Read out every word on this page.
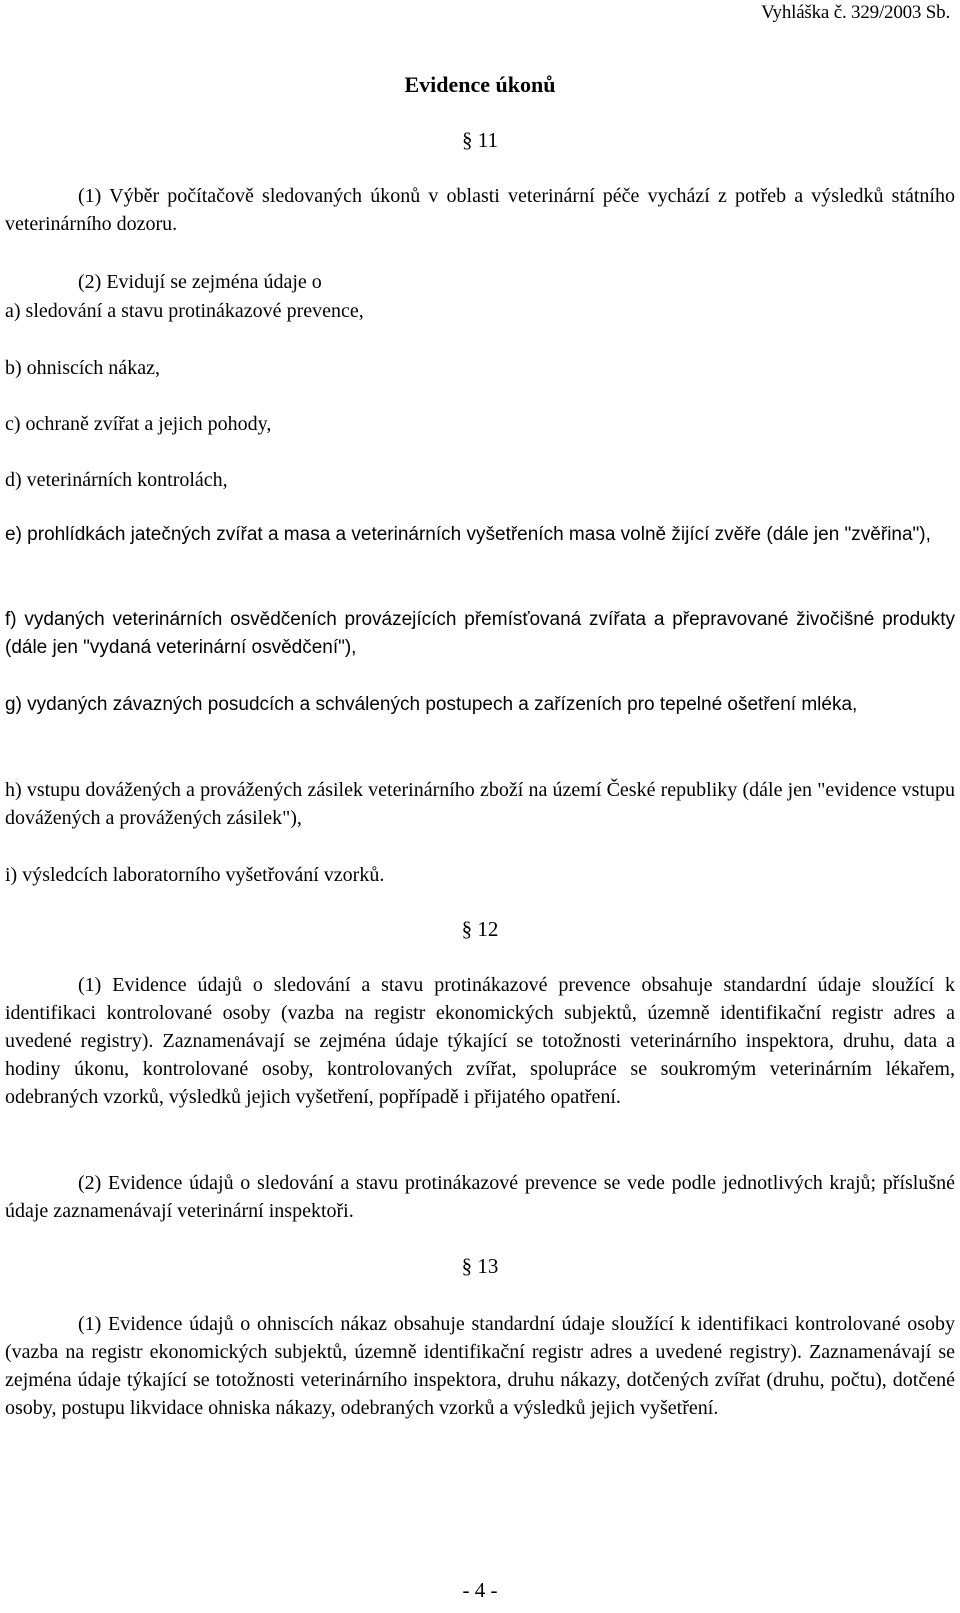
Vyhláška č. 329/2003 Sb.
Evidence úkonů
§ 11
(1) Výběr počítačově sledovaných úkonů v oblasti veterinární péče vychází z potřeb a výsledků státního veterinárního dozoru.
(2) Evidují se zejména údaje o
a) sledování a stavu protinákazové prevence,
b) ohniscích nákaz,
c) ochraně zvířat a jejich pohody,
d) veterinárních kontrolách,
e) prohlídkách jatečných zvířat a masa a veterinárních vyšetřeních masa volně žijící zvěře (dále jen "zvěřina"),
f) vydaných veterinárních osvědčeních provázejících přemísťovaná zvířata a přepravované živočišné produkty (dále jen "vydaná veterinární osvědčení"),
g) vydaných závazných posudcích a schválených postupech a zařízeních pro tepelné ošetření mléka,
h) vstupu dovážených a provážených zásilek veterinárního zboží na území České republiky (dále jen "evidence vstupu dovážených a provážených zásilek"),
i) výsledcích laboratorního vyšetřování vzorků.
§ 12
(1) Evidence údajů o sledování a stavu protinákazové prevence obsahuje standardní údaje sloužící k identifikaci kontrolované osoby (vazba na registr ekonomických subjektů, územně identifikační registr adres a uvedené registry). Zaznamenávají se zejména údaje týkající se totožnosti veterinárního inspektora, druhu, data a hodiny úkonu, kontrolované osoby, kontrolovaných zvířat, spolupráce se soukromým veterinárním lékařem, odebraných vzorků, výsledků jejich vyšetření, popřípadě i přijatého opatření.
(2) Evidence údajů o sledování a stavu protinákazové prevence se vede podle jednotlivých krajů; příslušné údaje zaznamenávají veterinární inspektoři.
§ 13
(1) Evidence údajů o ohniscích nákaz obsahuje standardní údaje sloužící k identifikaci kontrolované osoby (vazba na registr ekonomických subjektů, územně identifikační registr adres a uvedené registry). Zaznamenávají se zejména údaje týkající se totožnosti veterinárního inspektora, druhu nákazy, dotčených zvířat (druhu, počtu), dotčené osoby, postupu likvidace ohniska nákazy, odebraných vzorků a výsledků jejich vyšetření.
- 4 -
